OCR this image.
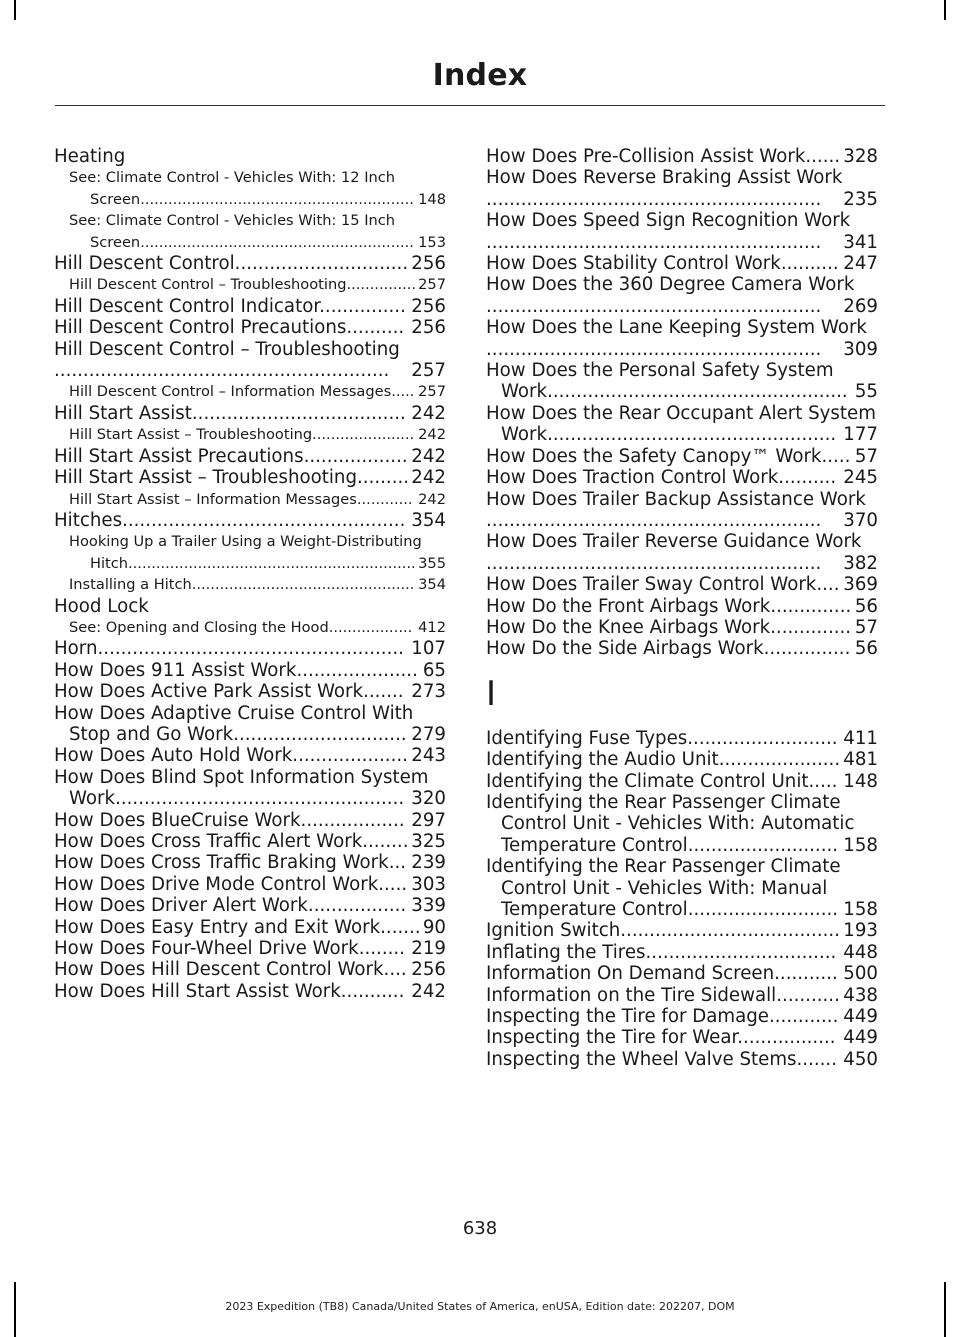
Index
Heating
See: Climate Control - Vehicles With: 12 Inch Screen........................................................... 148
See: Climate Control - Vehicles With: 15 Inch Screen........................................................... 153
Hill Descent Control.............................. 256
Hill Descent Control – Troubleshooting............... 257
Hill Descent Control Indicator............... 256
Hill Descent Control Precautions.......... 256
Hill Descent Control – Troubleshooting
..........................................................	257
Hill Descent Control – Information Messages..... 257
Hill Start Assist..................................... 242
Hill Start Assist – Troubleshooting...................... 242
Hill Start Assist Precautions.................. 242
Hill Start Assist – Troubleshooting......... 242
Hill Start Assist – Information Messages............ 242
Hitches................................................. 354
Hooking Up a Trailer Using a Weight-Distributing Hitch.............................................................. 355
Installing a Hitch................................................ 354
Hood Lock
See: Opening and Closing the Hood.................. 412
Horn..................................................... 107
How Does 911 Assist Work..................... 65
How Does Active Park Assist Work....... 273
How Does Adaptive Cruise Control With Stop and Go Work.............................. 279
How Does Auto Hold Work.................... 243
How Does Blind Spot Information System Work.................................................. 320
How Does BlueCruise Work.................. 297
How Does Cross Traffic Alert Work........ 325
How Does Cross Traffic Braking Work... 239
How Does Drive Mode Control Work..... 303
How Does Driver Alert Work................. 339
How Does Easy Entry and Exit Work....... 90
How Does Four-Wheel Drive Work........ 219
How Does Hill Descent Control Work.... 256
How Does Hill Start Assist Work........... 242
How Does Pre-Collision Assist Work...... 328
How Does Reverse Braking Assist Work
..........................................................	235
How Does Speed Sign Recognition Work
..........................................................	341
How Does Stability Control Work.......... 247
How Does the 360 Degree Camera Work
..........................................................	269
How Does the Lane Keeping System Work
..........................................................	309
How Does the Personal Safety System Work.................................................... 55
How Does the Rear Occupant Alert System Work.................................................. 177
How Does the Safety Canopy™ Work..... 57
How Does Traction Control Work.......... 245
How Does Trailer Backup Assistance Work
..........................................................	370
How Does Trailer Reverse Guidance Work
..........................................................	382
How Does Trailer Sway Control Work.... 369
How Do the Front Airbags Work.............. 56
How Do the Knee Airbags Work.............. 57
How Do the Side Airbags Work............... 56
I
Identifying Fuse Types.......................... 411
Identifying the Audio Unit..................... 481
Identifying the Climate Control Unit..... 148
Identifying the Rear Passenger Climate Control Unit - Vehicles With: Automatic Temperature Control.......................... 158
Identifying the Rear Passenger Climate Control Unit - Vehicles With: Manual Temperature Control.......................... 158
Ignition Switch...................................... 193
Inflating the Tires................................. 448
Information On Demand Screen........... 500
Information on the Tire Sidewall........... 438
Inspecting the Tire for Damage............ 449
Inspecting the Tire for Wear................. 449
Inspecting the Wheel Valve Stems....... 450
638
2023 Expedition (TB8) Canada/United States of America, enUSA, Edition date: 202207, DOM
